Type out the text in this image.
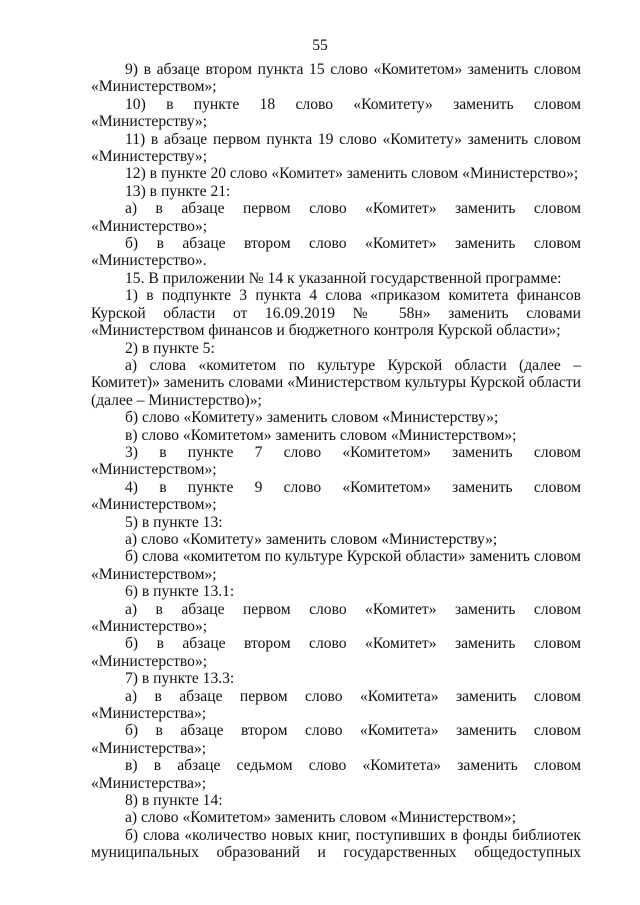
55

9) в абзаце втором пункта 15 слово «Комитетом» заменить словом «Министерством»;

10) в пункте 18 слово «Комитету» заменить словом «Министерству»;

11) в абзаце первом пункта 19 слово «Комитету» заменить словом «Министерству»;

12) в пункте 20 слово «Комитет» заменить словом «Министерство»;

13) в пункте 21:

а) в абзаце первом слово «Комитет» заменить словом «Министерство»;

б) в абзаце втором слово «Комитет» заменить словом «Министерство».

15. В приложении № 14 к указанной государственной программе:

1) в подпункте 3 пункта 4 слова «приказом комитета финансов Курской области от 16.09.2019 № 58н» заменить словами «Министерством финансов и бюджетного контроля Курской области»;

2) в пункте 5:

а) слова «комитетом по культуре Курской области (далее – Комитет)» заменить словами «Министерством культуры Курской области (далее – Министерство)»;

б) слово «Комитету» заменить словом «Министерству»;

в) слово «Комитетом» заменить словом «Министерством»;

3) в пункте 7 слово «Комитетом» заменить словом «Министерством»;

4) в пункте 9 слово «Комитетом» заменить словом «Министерством»;

5) в пункте 13:

а) слово «Комитету» заменить словом «Министерству»;

б) слова «комитетом по культуре Курской области» заменить словом «Министерством»;

6) в пункте 13.1:

а) в абзаце первом слово «Комитет» заменить словом «Министерство»;

б) в абзаце втором слово «Комитет» заменить словом «Министерство»;

7) в пункте 13.3:

а) в абзаце первом слово «Комитета» заменить словом «Министерства»;

б) в абзаце втором слово «Комитета» заменить словом «Министерства»;

в) в абзаце седьмом слово «Комитета» заменить словом «Министерства»;

8) в пункте 14:

а) слово «Комитетом» заменить словом «Министерством»;

б) слова «количество новых книг, поступивших в фонды библиотек муниципальных образований и государственных общедоступных
